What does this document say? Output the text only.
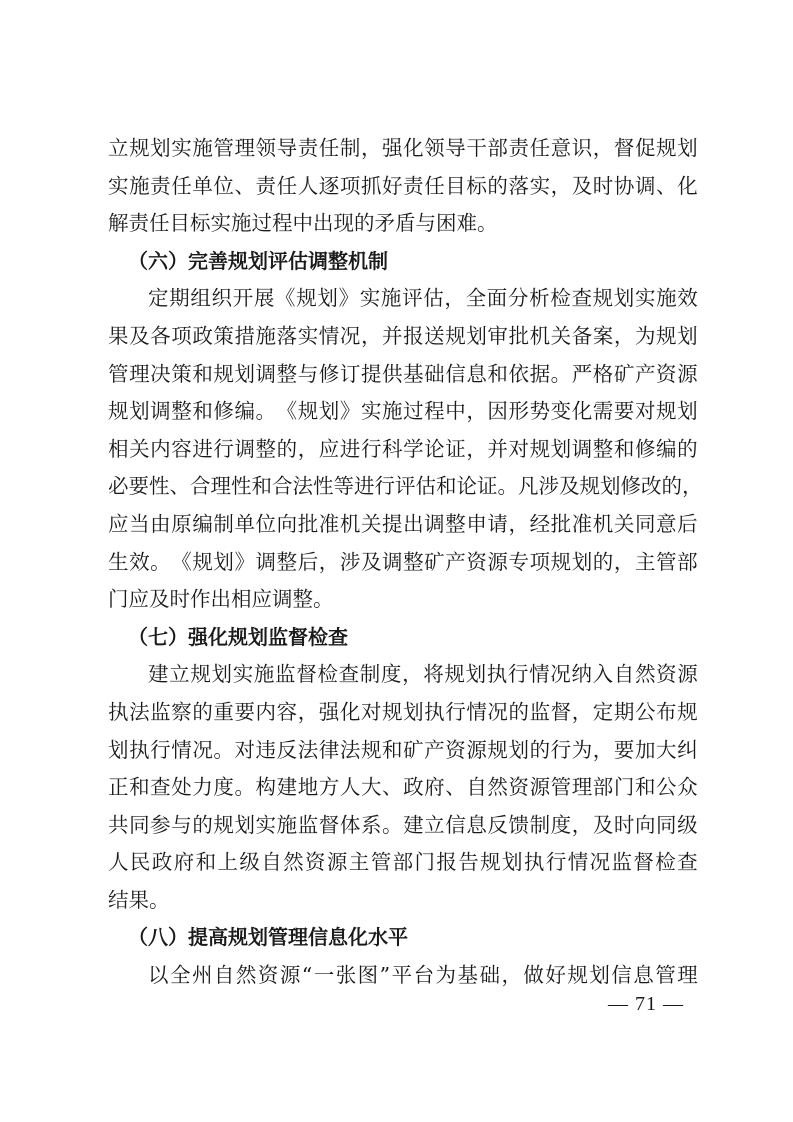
立 规 划 实 施 管 理 领 导 责 任 制 ， 强 化 领 导 干 部 责 任 意 识 ， 督 促 规 划
实 施 责 任 单 位 、 责 任 人 逐 项 抓 好 责 任 目 标 的 落 实 ， 及 时 协 调 、 化
解责任目标实施过程中出现的矛盾与困难。
（六）完善规划评估调整机制
定 期 组 织 开 展 《 规 划 》 实 施 评 估 ， 全 面 分 析 检 查 规 划 实 施 效
果 及 各 项 政 策 措 施 落 实 情 况 ， 并 报 送 规 划 审 批 机 关 备 案 ， 为 规 划
管 理 决 策 和 规 划 调 整 与 修 订 提 供 基 础 信 息 和 依 据 。 严 格 矿 产 资 源
规 划 调 整 和 修 编 。 《 规 划 》 实 施 过 程 中 ， 因 形 势 变 化 需 要 对 规 划
相 关 内 容 进 行 调 整 的 ， 应 进 行 科 学 论 证 ， 并 对 规 划 调 整 和 修 编 的
必 要 性 、 合 理 性 和 合 法 性 等 进 行 评 估 和 论 证 。 凡 涉 及 规 划 修 改 的 ，
应 当 由 原 编 制 单 位 向 批 准 机 关 提 出 调 整 申 请 ， 经 批 准 机 关 同 意 后
生 效 。 《 规 划 》 调 整 后 ， 涉 及 调 整 矿 产 资 源 专 项 规 划 的 ， 主 管 部
门应及时作出相应调整。
（七）强化规划监督检查
建 立 规 划 实 施 监 督 检 查 制 度 ， 将 规 划 执 行 情 况 纳 入 自 然 资 源
执 法 监 察 的 重 要 内 容 ， 强 化 对 规 划 执 行 情 况 的 监 督 ， 定 期 公 布 规
划 执 行 情 况 。 对 违 反 法 律 法 规 和 矿 产 资 源 规 划 的 行 为 ， 要 加 大 纠
正 和 查 处 力 度 。 构 建 地 方 人 大 、 政 府 、 自 然 资 源 管 理 部 门 和 公 众
共 同 参 与 的 规 划 实 施 监 督 体 系 。 建 立 信 息 反 馈 制 度 ， 及 时 向 同 级
人 民 政 府 和 上 级 自 然 资 源 主 管 部 门 报 告 规 划 执 行 情 况 监 督 检 查
结果。
（八）提高规划管理信息化水平
以 全 州 自 然 资 源 “ 一 张 图 ” 平 台 为 基 础 ， 做 好 规 划 信 息 管 理
— 71 —
